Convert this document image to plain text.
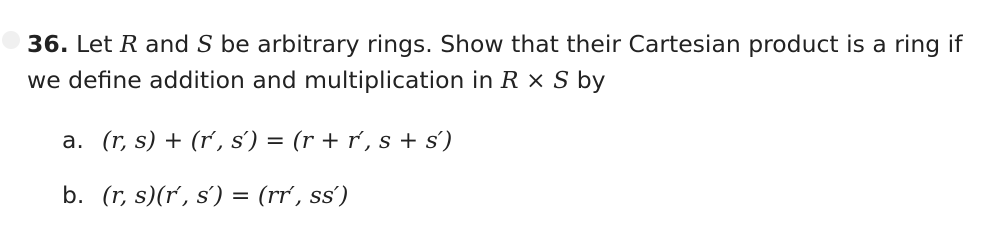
36. Let R and S be arbitrary rings. Show that their Cartesian product is a ring if we define addition and multiplication in R × S by
a. (r, s) + (r′, s′) = (r + r′, s + s′)
b. (r, s)(r′, s′) = (rr′, ss′)
